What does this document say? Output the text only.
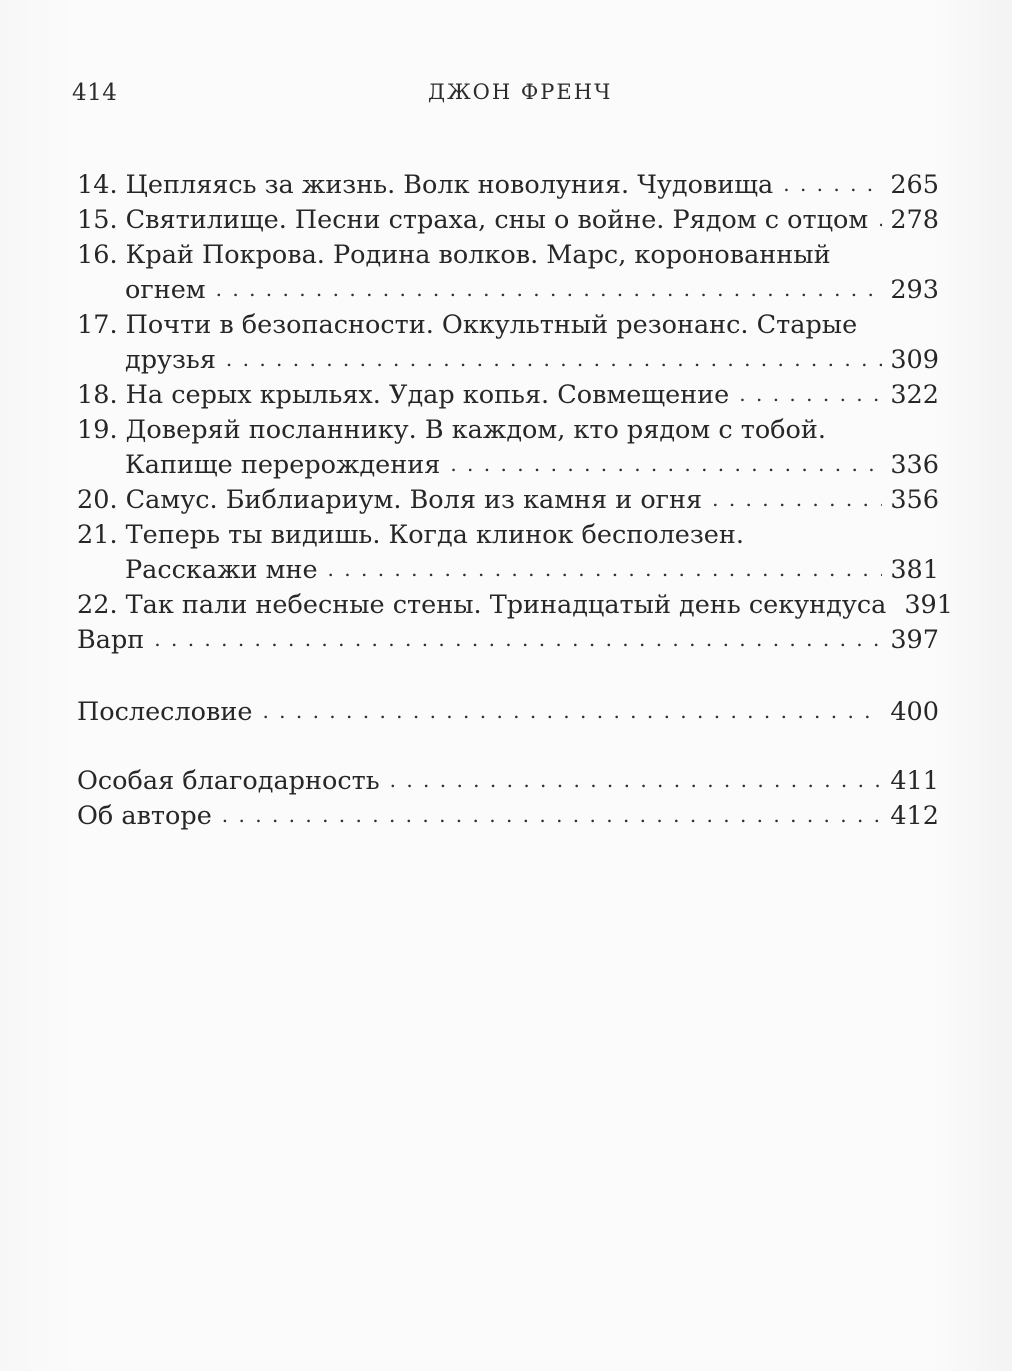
414	ДЖОН ФРЕНЧ
14. Цепляясь за жизнь. Волк новолуния. Чудовища . . .	265
15. Святилище. Песни страха, сны о войне. Рядом с отцом . . . 278
16. Край Покрова. Родина волков. Марс, коронованный
огнем . . .	293
17. Почти в безопасности. Оккультный резонанс. Старые
друзья . . .	309
18. На серых крыльях. Удар копья. Совмещение . . .	322
19. Доверяй посланнику. В каждом, кто рядом с тобой.
Капище перерождения . . .	336
20. Самус. Библиариум. Воля из камня и огня . . .	356
21. Теперь ты видишь. Когда клинок бесполезен.
Расскажи мне . . .	381
22. Так пали небесные стены. Тринадцатый день секундуса 391
Варп . . .	397
Послесловие . . .	400
Особая благодарность . . .	411
Об авторе . . .	412
